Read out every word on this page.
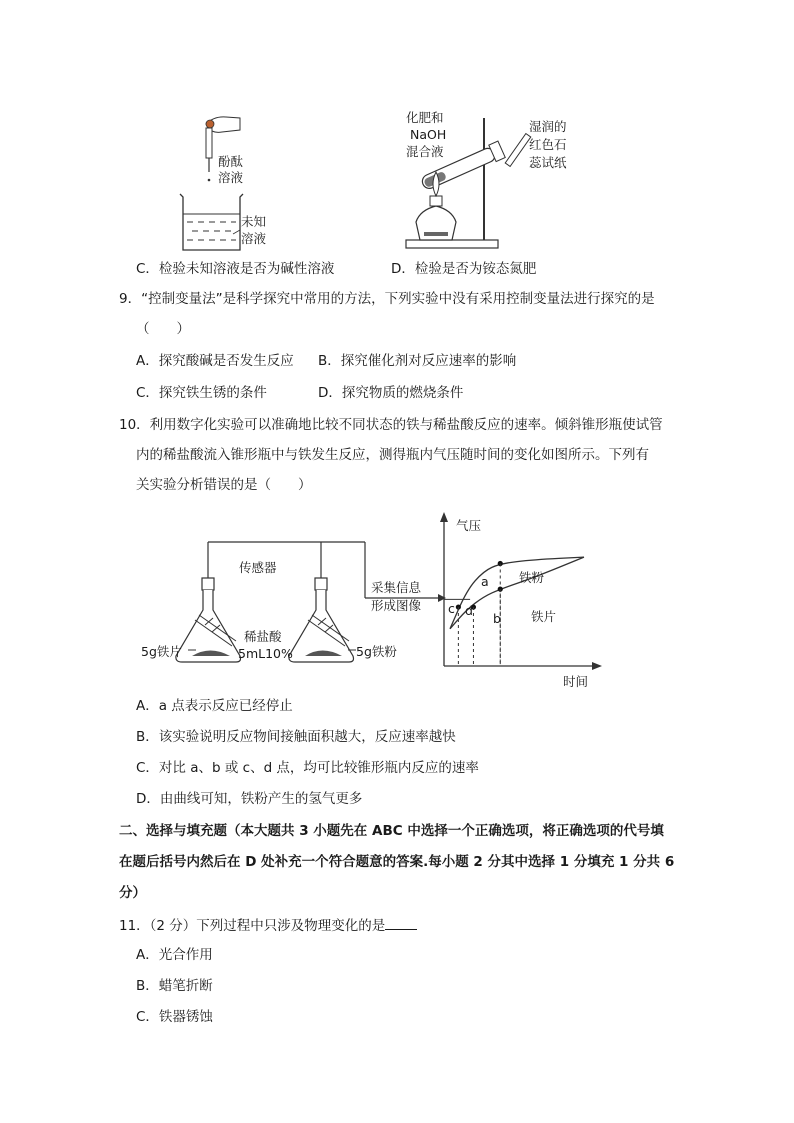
酚酞
溶液
未知
溶液
化肥和
NaOH
混合液
湿润的
红色石
蕊试纸
C．检验未知溶液是否为碱性溶液	D．检验是否为铵态氮肥
9．“控制变量法”是科学探究中常用的方法，下列实验中没有采用控制变量法进行探究的是
（　　）
A．探究酸碱是否发生反应 B．探究催化剂对反应速率的影响
C．探究铁生锈的条件	D．探究物质的燃烧条件
10．利用数字化实验可以准确地比较不同状态的铁与稀盐酸反应的速率。倾斜锥形瓶使试管
内的稀盐酸流入锥形瓶中与铁发生反应，测得瓶内气压随时间的变化如图所示。下列有
关实验分析错误的是（　　）
传感器
采集信息
形成图像
5g铁片
稀盐酸
5mL10%	5g铁粉
气压
时间
铁粉
铁片
a
b
c d
A．a 点表示反应已经停止
B．该实验说明反应物间接触面积越大，反应速率越快
C．对比 a、b 或 c、d 点，均可比较锥形瓶内反应的速率
D．由曲线可知，铁粉产生的氢气更多
二、选择与填充题（本大题共 3 小题先在 ABC 中选择一个正确选项，将正确选项的代号填
在题后括号内然后在 D 处补充一个符合题意的答案.每小题 2 分其中选择 1 分填充 1 分共 6
分）
11．（2 分）下列过程中只涉及物理变化的是
A．光合作用
B．蜡笔折断
C．铁器锈蚀
